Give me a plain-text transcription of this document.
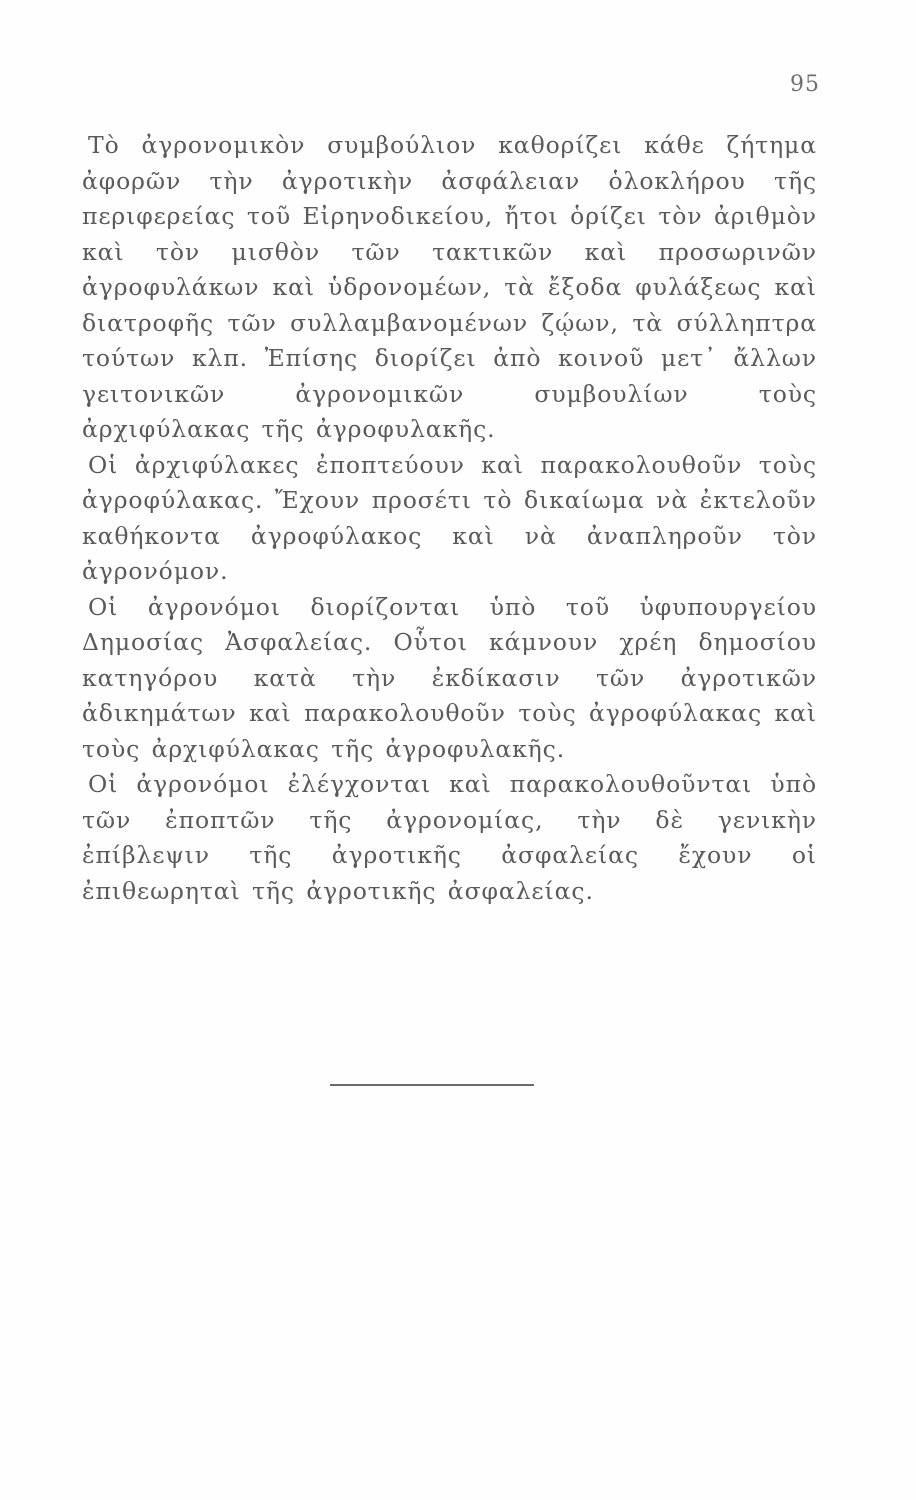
95

Τὸ ἀγρονομικὸν συμβούλιον καθορίζει κάθε ζήτημα ἀφορῶν τὴν ἀγροτικὴν ἀσφάλειαν ὁλοκλήρου τῆς περιφερείας τοῦ Εἰρηνοδικείου, ἤτοι ὁρίζει τὸν ἀριθμὸν καὶ τὸν μισθὸν τῶν τακτικῶν καὶ προσωρινῶν ἀγροφυλάκων καὶ ὑδρονομέων, τὰ ἔξοδα φυλάξεως καὶ διατροφῆς τῶν συλλαμβανομένων ζῴων, τὰ σύλληπτρα τούτων κλπ. Ἐπίσης διορίζει ἀπὸ κοινοῦ μετ᾽ ἄλλων γειτονικῶν ἀγρονομικῶν συμβουλίων τοὺς ἀρχιφύλακας τῆς ἀγροφυλακῆς.

Οἱ ἀρχιφύλακες ἐποπτεύουν καὶ παρακολουθοῦν τοὺς ἀγροφύλακας. Ἔχουν προσέτι τὸ δικαίωμα νὰ ἐκτελοῦν καθήκοντα ἀγροφύλακος καὶ νὰ ἀναπληροῦν τὸν ἀγρονόμον.

Οἱ ἀγρονόμοι διορίζονται ὑπὸ τοῦ ὑφυπουργείου Δημοσίας Ἀσφαλείας. Οὗτοι κάμνουν χρέη δημοσίου κατηγόρου κατὰ τὴν ἐκδίκασιν τῶν ἀγροτικῶν ἀδικημάτων καὶ παρακολουθοῦν τοὺς ἀγροφύλακας καὶ τοὺς ἀρχιφύλακας τῆς ἀγροφυλακῆς.

Οἱ ἀγρονόμοι ἐλέγχονται καὶ παρακολουθοῦνται ὑπὸ τῶν ἐποπτῶν τῆς ἀγρονομίας, τὴν δὲ γενικὴν ἐπίβλεψιν τῆς ἀγροτικῆς ἀσφαλείας ἔχουν οἱ ἐπιθεωρηταὶ τῆς ἀγροτικῆς ἀσφαλείας.
